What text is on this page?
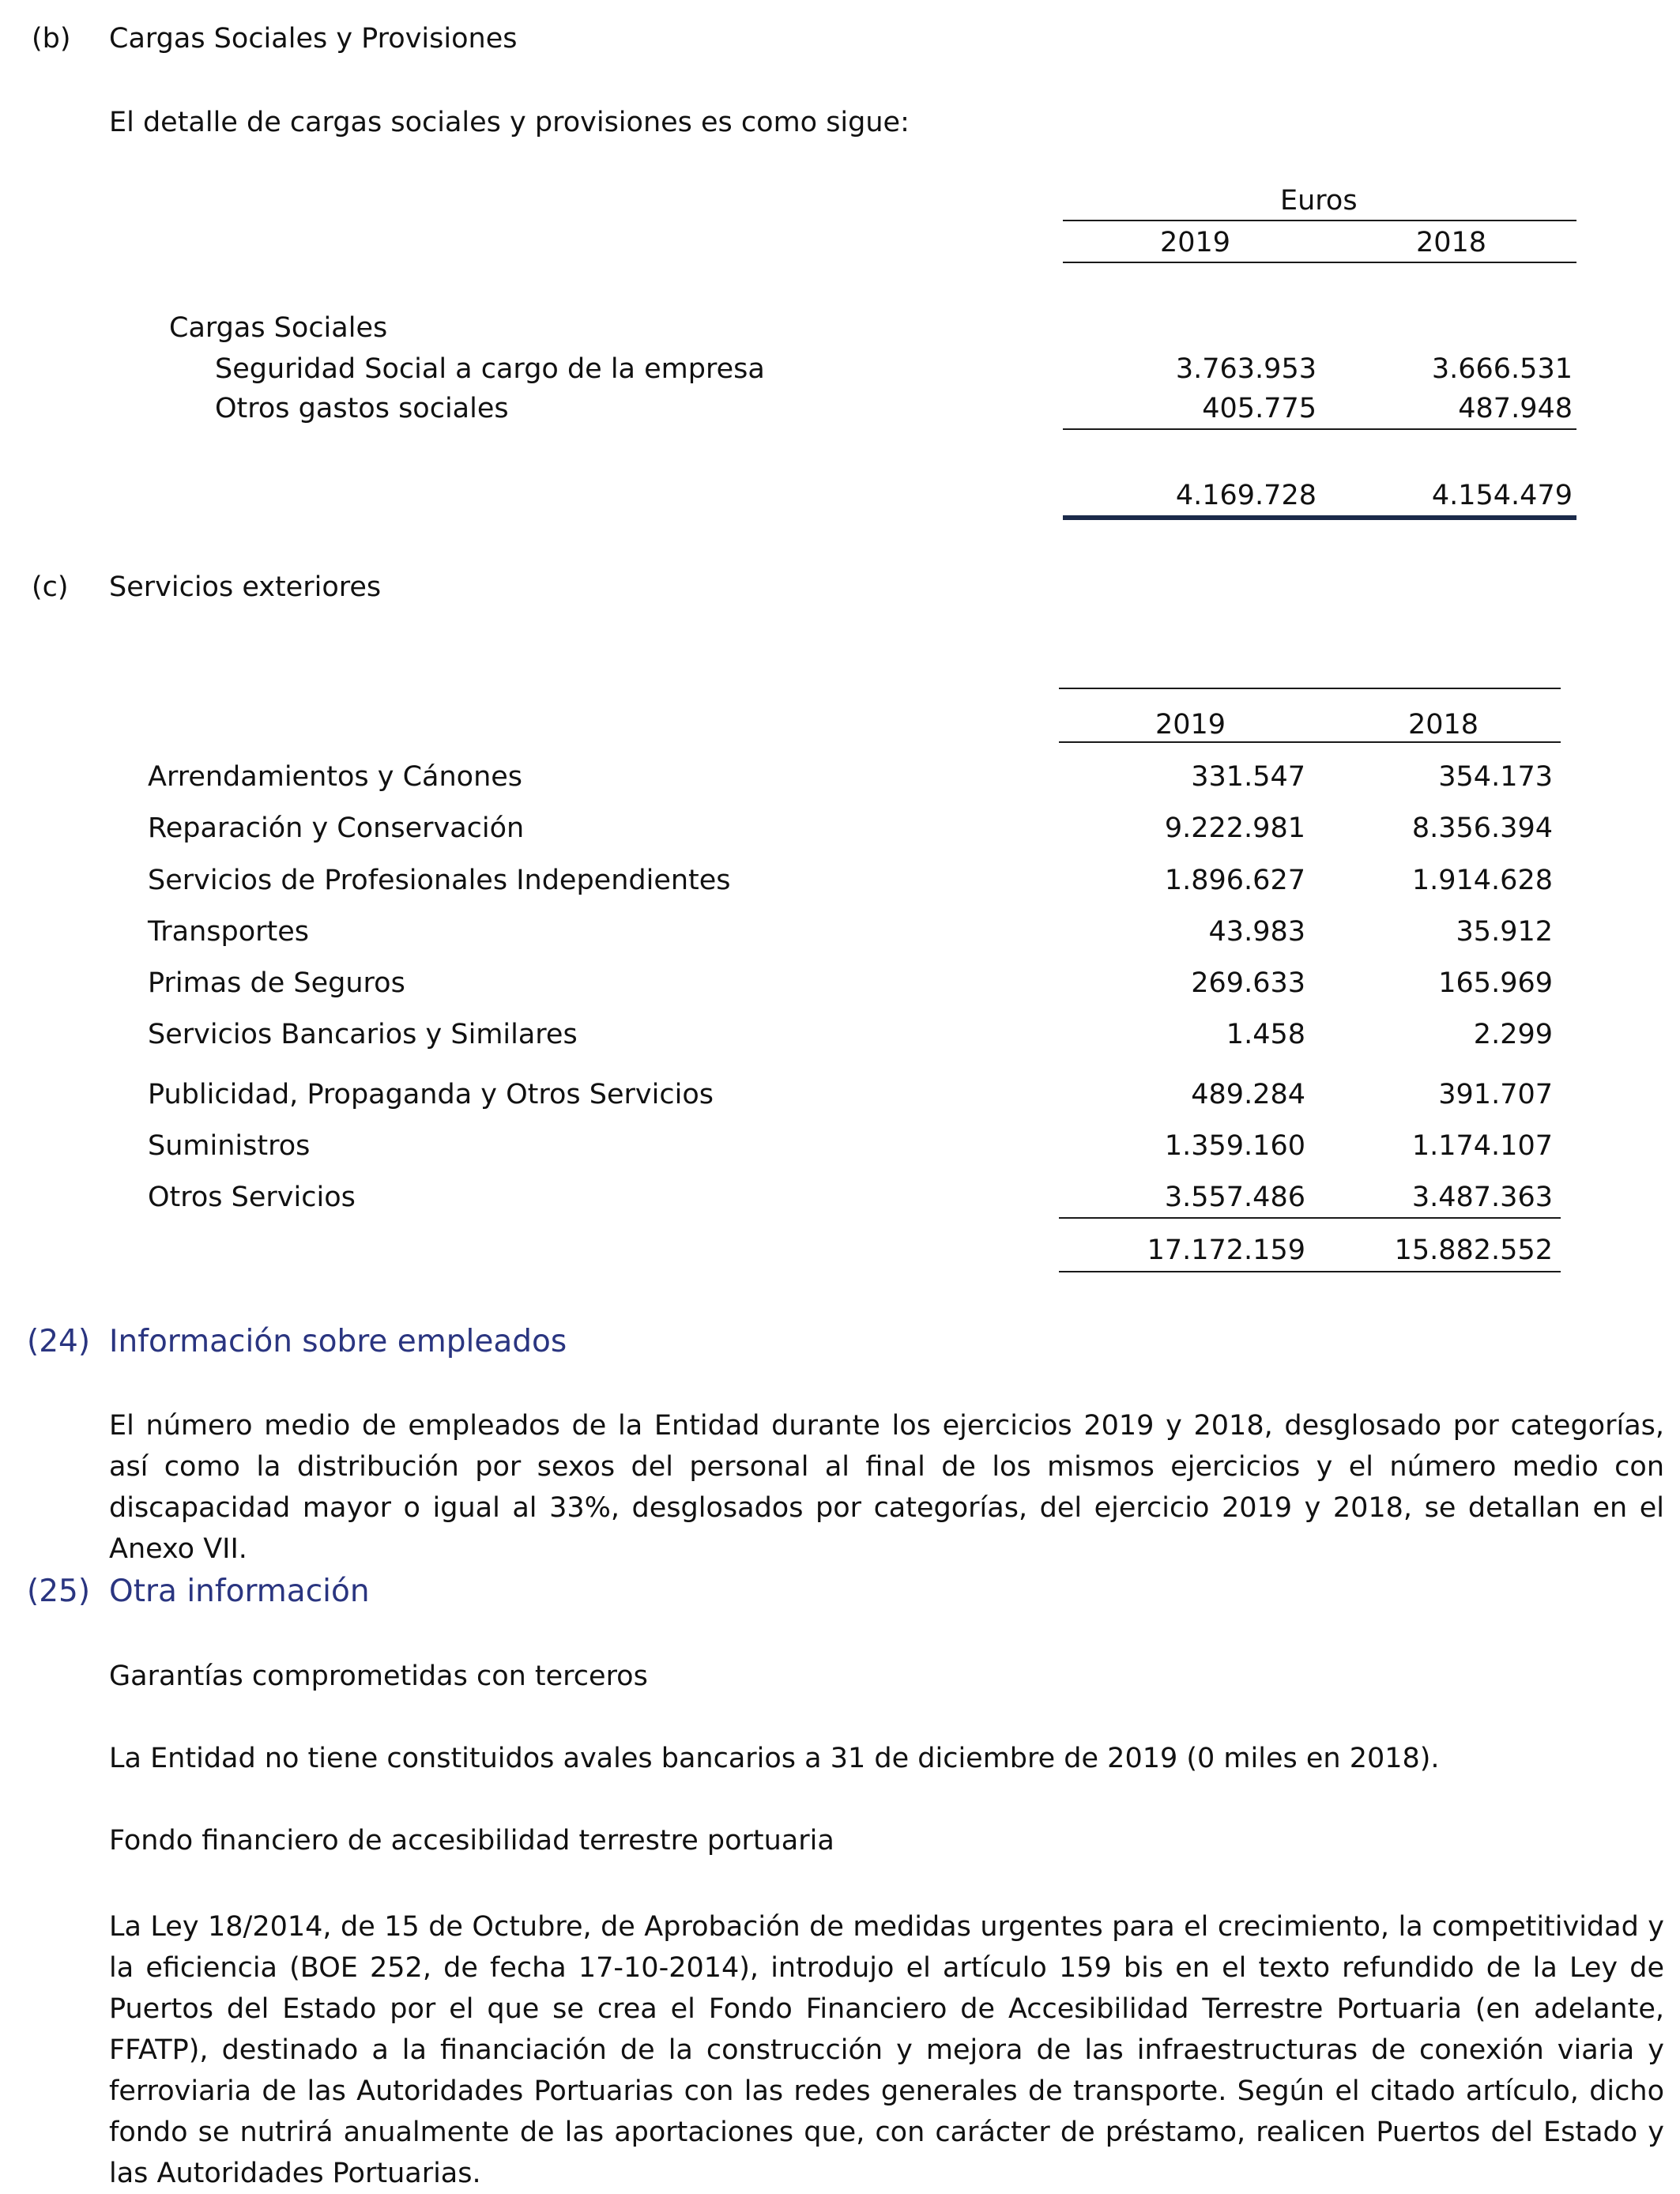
(b) Cargas Sociales y Provisiones
El detalle de cargas sociales y provisiones es como sigue:
Euros
2019	2018
Cargas Sociales
Seguridad Social a cargo de la empresa	3.763.953	3.666.531
Otros gastos sociales	405.775	487.948
4.169.728	4.154.479
(c) Servicios exteriores
2019	2018
Arrendamientos y Cánones	331.547	354.173
Reparación y Conservación	9.222.981	8.356.394
Servicios de Profesionales Independientes	1.896.627	1.914.628
Transportes	43.983	35.912
Primas de Seguros	269.633	165.969
Servicios Bancarios y Similares	1.458	2.299
Publicidad, Propaganda y Otros Servicios	489.284	391.707
Suministros	1.359.160	1.174.107
Otros Servicios	3.557.486	3.487.363
17.172.159	15.882.552
(24) Información sobre empleados
El número medio de empleados de la Entidad durante los ejercicios 2019 y 2018, desglosado por categorías, así como la distribución por sexos del personal al final de los mismos ejercicios y el número medio con discapacidad mayor o igual al 33%, desglosados por categorías, del ejercicio 2019 y 2018, se detallan en el Anexo VII.
(25) Otra información
Garantías comprometidas con terceros
La Entidad no tiene constituidos avales bancarios a 31 de diciembre de 2019 (0 miles en 2018).
Fondo financiero de accesibilidad terrestre portuaria
La Ley 18/2014, de 15 de Octubre, de Aprobación de medidas urgentes para el crecimiento, la competitividad y la eficiencia (BOE 252, de fecha 17-10-2014), introdujo el artículo 159 bis en el texto refundido de la Ley de Puertos del Estado por el que se crea el Fondo Financiero de Accesibilidad Terrestre Portuaria (en adelante, FFATP), destinado a la financiación de la construcción y mejora de las infraestructuras de conexión viaria y ferroviaria de las Autoridades Portuarias con las redes generales de transporte. Según el citado artículo, dicho fondo se nutrirá anualmente de las aportaciones que, con carácter de préstamo, realicen Puertos del Estado y las Autoridades Portuarias.
